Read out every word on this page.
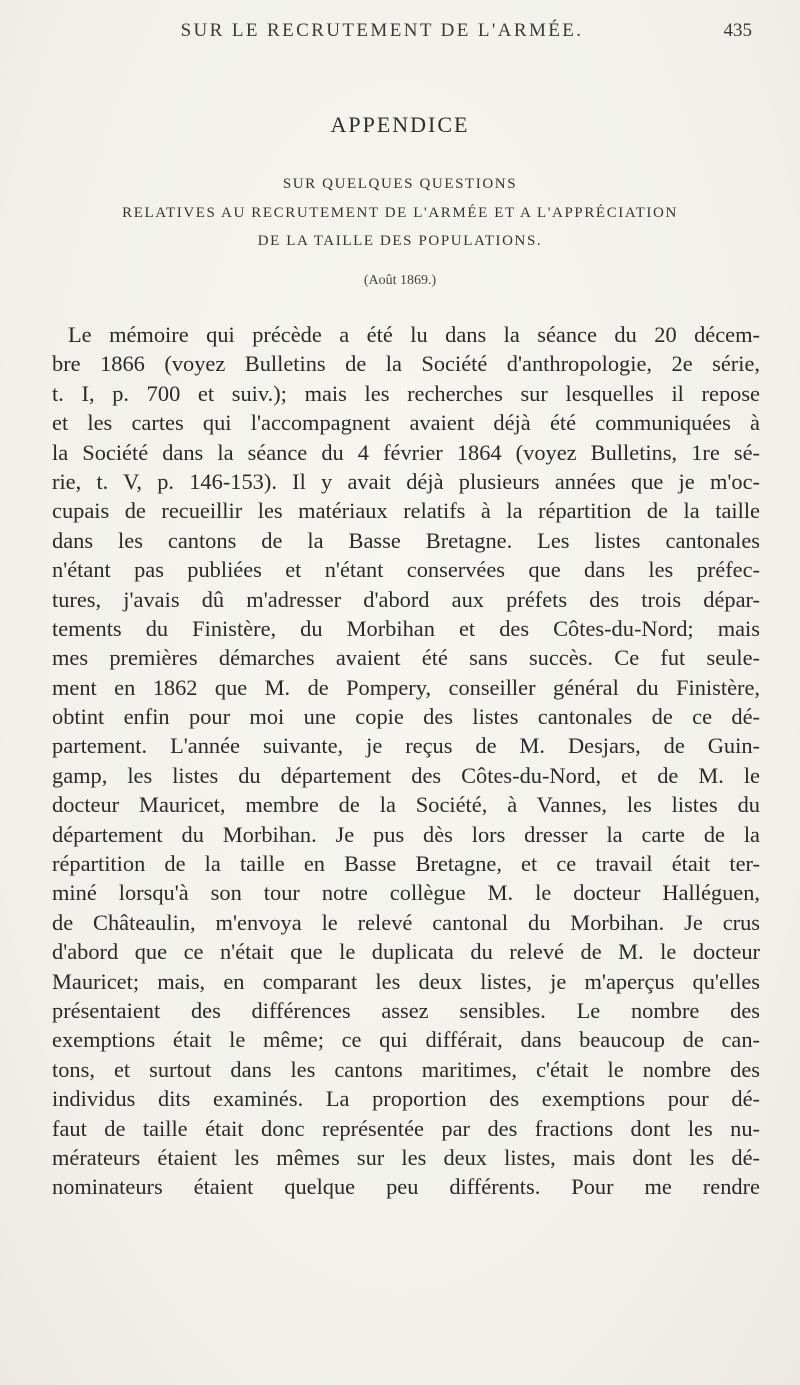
SUR LE RECRUTEMENT DE L'ARMÉE.	435
APPENDICE
SUR QUELQUES QUESTIONS
RELATIVES AU RECRUTEMENT DE L'ARMÉE ET A L'APPRÉCIATION
DE LA TAILLE DES POPULATIONS.
(Août 1869.)
Le mémoire qui précède a été lu dans la séance du 20 décem-
bre 1866 (voyez Bulletins de la Société d'anthropologie, 2e série,
t. I, p. 700 et suiv.); mais les recherches sur lesquelles il repose
et les cartes qui l'accompagnent avaient déjà été communiquées à
la Société dans la séance du 4 février 1864 (voyez Bulletins, 1re sé-
rie, t. V, p. 146-153). Il y avait déjà plusieurs années que je m'oc-
cupais de recueillir les matériaux relatifs à la répartition de la taille
dans les cantons de la Basse Bretagne. Les listes cantonales
n'étant pas publiées et n'étant conservées que dans les préfec-
tures, j'avais dû m'adresser d'abord aux préfets des trois dépar-
tements du Finistère, du Morbihan et des Côtes-du-Nord; mais
mes premières démarches avaient été sans succès. Ce fut seule-
ment en 1862 que M. de Pompery, conseiller général du Finistère,
obtint enfin pour moi une copie des listes cantonales de ce dé-
partement. L'année suivante, je reçus de M. Desjars, de Guin-
gamp, les listes du département des Côtes-du-Nord, et de M. le
docteur Mauricet, membre de la Société, à Vannes, les listes du
département du Morbihan. Je pus dès lors dresser la carte de la
répartition de la taille en Basse Bretagne, et ce travail était ter-
miné lorsqu'à son tour notre collègue M. le docteur Halléguen,
de Châteaulin, m'envoya le relevé cantonal du Morbihan. Je crus
d'abord que ce n'était que le duplicata du relevé de M. le docteur
Mauricet; mais, en comparant les deux listes, je m'aperçus qu'elles
présentaient des différences assez sensibles. Le nombre des
exemptions était le même; ce qui différait, dans beaucoup de can-
tons, et surtout dans les cantons maritimes, c'était le nombre des
individus dits examinés. La proportion des exemptions pour dé-
faut de taille était donc représentée par des fractions dont les nu-
mérateurs étaient les mêmes sur les deux listes, mais dont les dé-
nominateurs étaient quelque peu différents. Pour me rendre
